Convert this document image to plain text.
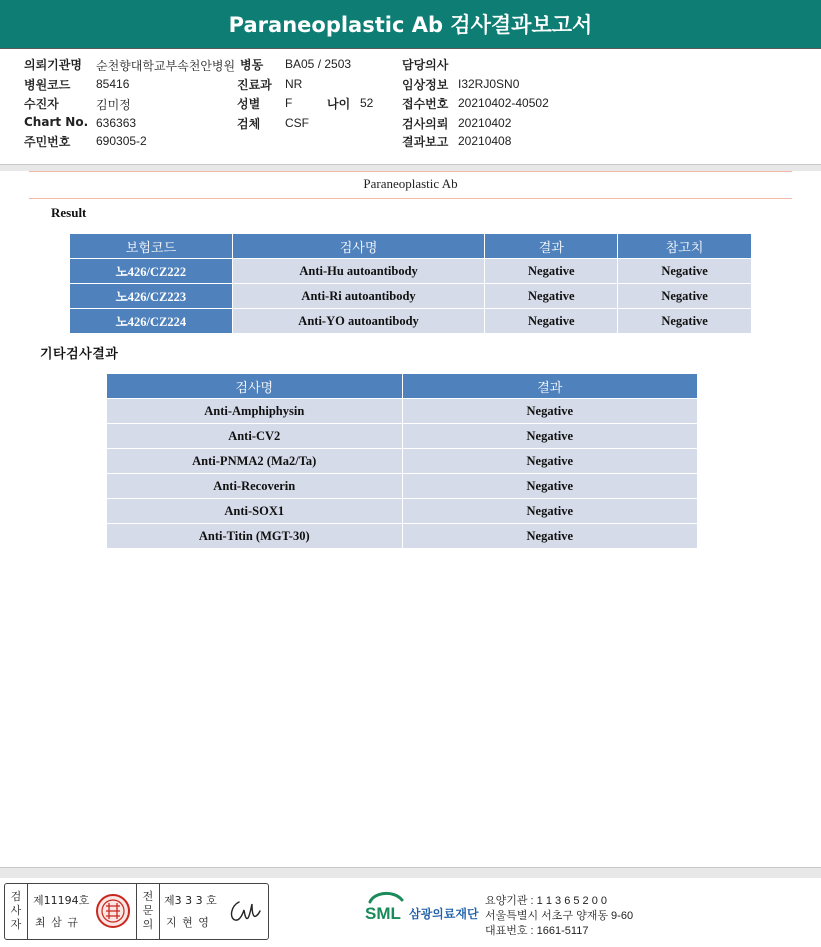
Paraneoplastic Ab 검사결과보고서
의뢰기관명 순천향대학교부속천안병원 병동 BA05 / 2503	담당의사
병원코드 85416	진료과 NR	임상정보 I32RJ0SN0
수진자	김미정	성별 F	나이 52 접수번호 20210402-40502
Chart No. 636363	검체 CSF	검사의뢰 20210402
주민번호 690305-2	결과보고 20210408
Paraneoplastic Ab
Result
보험코드	검사명	결과	참고치
노426/CZ222	Anti-Hu autoantibody	Negative	Negative
노426/CZ223	Anti-Ri autoantibody	Negative	Negative
노426/CZ224	Anti-YO autoantibody	Negative	Negative
기타검사결과
검사명	결과
Anti-Amphiphysin	Negative
Anti-CV2	Negative
Anti-PNMA2 (Ma2/Ta)	Negative
Anti-Recoverin	Negative
Anti-SOX1	Negative
Anti-Titin (MGT-30)	Negative
검사자
제11194호
최 삼 규
전문의
제3 3 3 호
지 현 영	SML 삼광의료재단
요양기관 : 1 1 3 6 5 2 0 0
서울특별시 서초구 양재동 9-60
대표번호 : 1661-5117
